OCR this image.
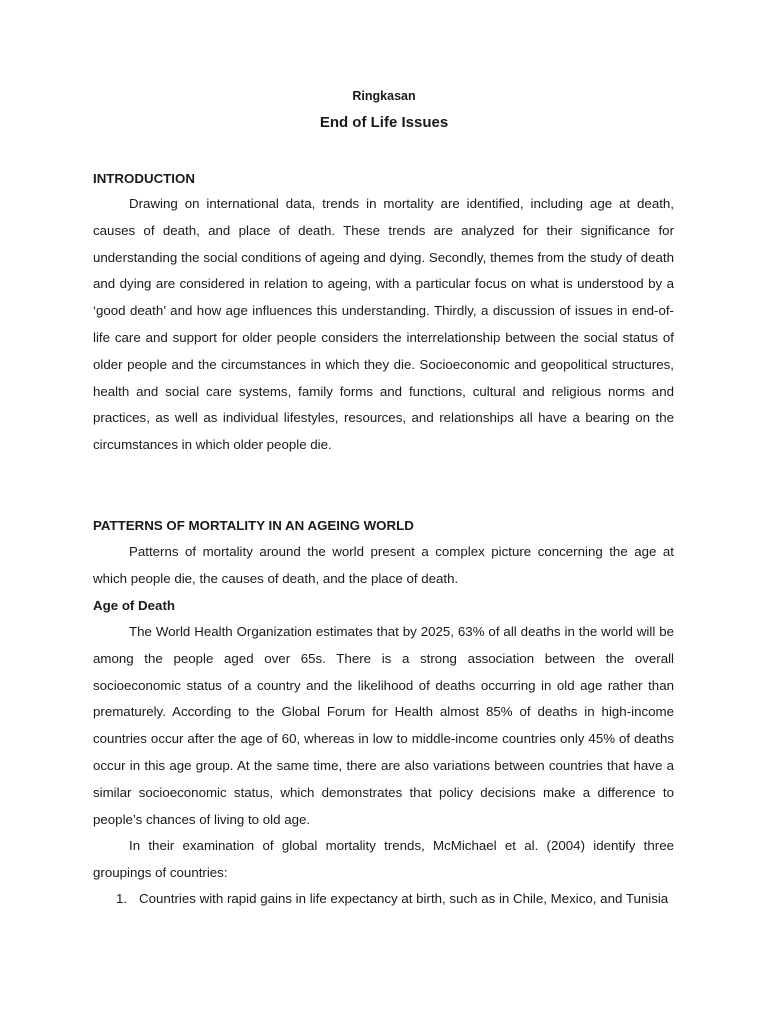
Ringkasan
End of Life Issues
INTRODUCTION

Drawing on international data, trends in mortality are identified, including age at death, causes of death, and place of death. These trends are analyzed for their significance for understanding the social conditions of ageing and dying. Secondly, themes from the study of death and dying are considered in relation to ageing, with a particular focus on what is understood by a ‘good death’ and how age influences this understanding. Thirdly, a discussion of issues in end-of-life care and support for older people considers the interrelationship between the social status of older people and the circumstances in which they die. Socioeconomic and geopolitical structures, health and social care systems, family forms and functions, cultural and religious norms and practices, as well as individual lifestyles, resources, and relationships all have a bearing on the circumstances in which older people die.

PATTERNS OF MORTALITY IN AN AGEING WORLD

Patterns of mortality around the world present a complex picture concerning the age at which people die, the causes of death, and the place of death.

Age of Death

The World Health Organization estimates that by 2025, 63% of all deaths in the world will be among the people aged over 65s. There is a strong association between the overall socioeconomic status of a country and the likelihood of deaths occurring in old age rather than prematurely. According to the Global Forum for Health almost 85% of deaths in high-income countries occur after the age of 60, whereas in low to middle-income countries only 45% of deaths occur in this age group. At the same time, there are also variations between countries that have a similar socioeconomic status, which demonstrates that policy decisions make a difference to people’s chances of living to old age.

In their examination of global mortality trends, McMichael et al. (2004) identify three groupings of countries:

1. Countries with rapid gains in life expectancy at birth, such as in Chile, Mexico, and Tunisia
